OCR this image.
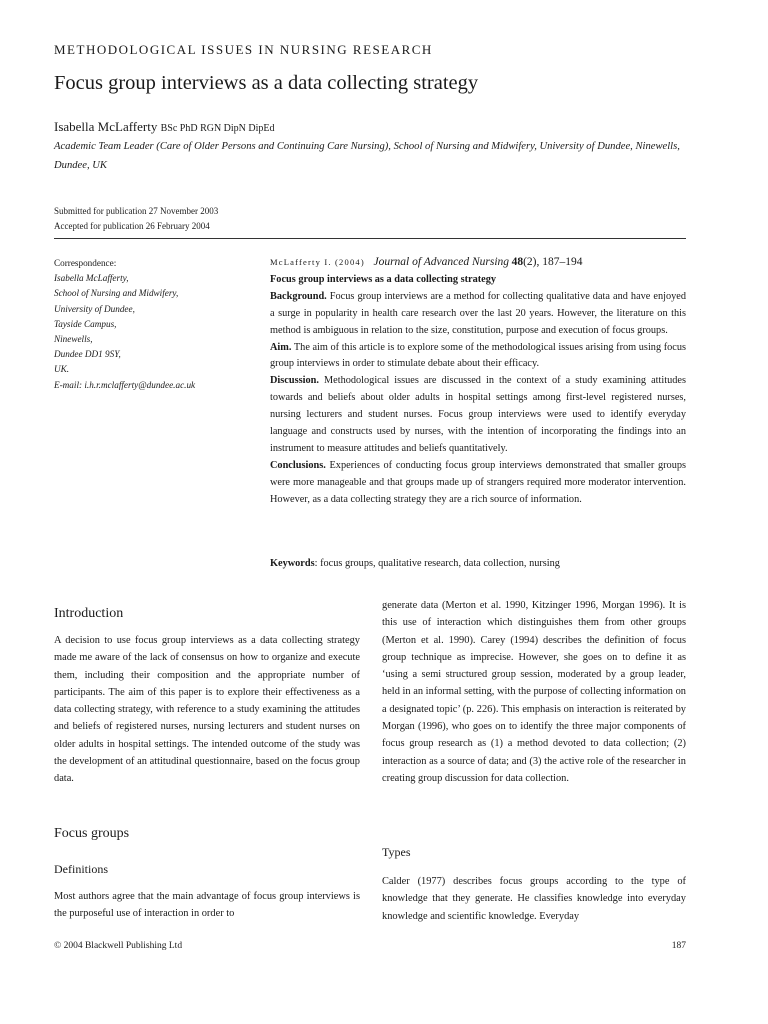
METHODOLOGICAL ISSUES IN NURSING RESEARCH
Focus group interviews as a data collecting strategy
Isabella McLafferty BSc PhD RGN DipN DipEd
Academic Team Leader (Care of Older Persons and Continuing Care Nursing), School of Nursing and Midwifery, University of Dundee, Ninewells, Dundee, UK
Submitted for publication 27 November 2003
Accepted for publication 26 February 2004
Correspondence:
Isabella McLafferty,
School of Nursing and Midwifery,
University of Dundee,
Tayside Campus,
Ninewells,
Dundee DD1 9SY,
UK.
E-mail: i.h.r.mclafferty@dundee.ac.uk
McLafferty I. (2004) Journal of Advanced Nursing 48(2), 187–194
Focus group interviews as a data collecting strategy
Background. Focus group interviews are a method for collecting qualitative data and have enjoyed a surge in popularity in health care research over the last 20 years. However, the literature on this method is ambiguous in relation to the size, constitution, purpose and execution of focus groups.
Aim. The aim of this article is to explore some of the methodological issues arising from using focus group interviews in order to stimulate debate about their efficacy.
Discussion. Methodological issues are discussed in the context of a study examining attitudes towards and beliefs about older adults in hospital settings among first-level registered nurses, nursing lecturers and student nurses. Focus group interviews were used to identify everyday language and constructs used by nurses, with the intention of incorporating the findings into an instrument to measure attitudes and beliefs quantitatively.
Conclusions. Experiences of conducting focus group interviews demonstrated that smaller groups were more manageable and that groups made up of strangers required more moderator intervention. However, as a data collecting strategy they are a rich source of information.
Keywords: focus groups, qualitative research, data collection, nursing
Introduction
A decision to use focus group interviews as a data collecting strategy made me aware of the lack of consensus on how to organize and execute them, including their composition and the appropriate number of participants. The aim of this paper is to explore their effectiveness as a data collecting strategy, with reference to a study examining the attitudes and beliefs of registered nurses, nursing lecturers and student nurses on older adults in hospital settings. The intended outcome of the study was the development of an attitudinal questionnaire, based on the focus group data.
Focus groups
Definitions
Most authors agree that the main advantage of focus group interviews is the purposeful use of interaction in order to
generate data (Merton et al. 1990, Kitzinger 1996, Morgan 1996). It is this use of interaction which distinguishes them from other groups (Merton et al. 1990). Carey (1994) describes the definition of focus group technique as imprecise. However, she goes on to define it as ‘using a semi structured group session, moderated by a group leader, held in an informal setting, with the purpose of collecting information on a designated topic’ (p. 226). This emphasis on interaction is reiterated by Morgan (1996), who goes on to identify the three major components of focus group research as (1) a method devoted to data collection; (2) interaction as a source of data; and (3) the active role of the researcher in creating group discussion for data collection.
Types
Calder (1977) describes focus groups according to the type of knowledge that they generate. He classifies knowledge into everyday knowledge and scientific knowledge. Everyday
© 2004 Blackwell Publishing Ltd	187
